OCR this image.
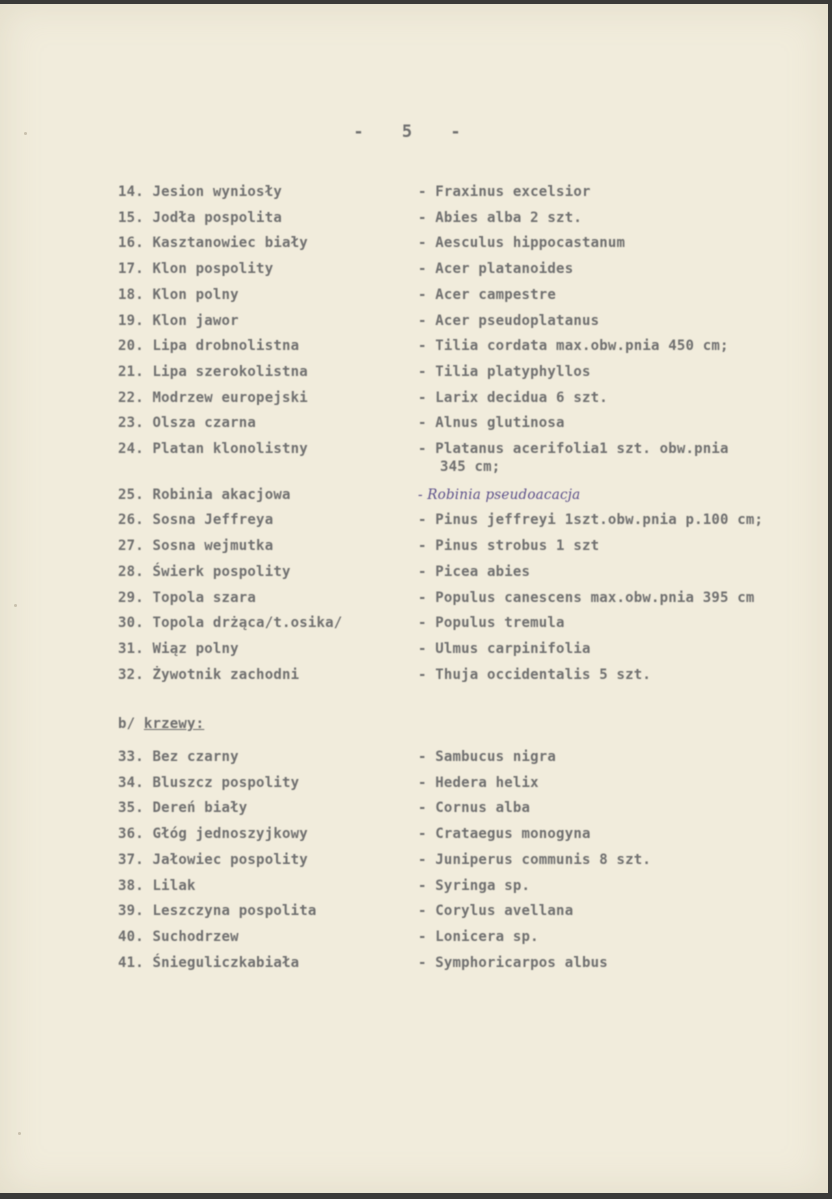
- 5 -
14. Jesion wyniosły	- Fraxinus excelsior
15. Jodła pospolita	- Abies alba 2 szt.
16. Kasztanowiec biały	- Aesculus hippocastanum
17. Klon pospolity	- Acer platanoides
18. Klon polny	- Acer campestre
19. Klon jawor	- Acer pseudoplatanus
20. Lipa drobnolistna	- Tilia cordata max.obw.pnia 450 cm;
21. Lipa szerokolistna	- Tilia platyphyllos
22. Modrzew europejski	- Larix decidua 6 szt.
23. Olsza czarna	- Alnus glutinosa
24. Platan klonolistny	- Platanus acerifolia1 szt. obw.pnia
345 cm;
25. Robinia akacjowa	- Robinia pseudoacacja
26. Sosna Jeffreya	- Pinus jeffreyi 1szt.obw.pnia p.100 cm;
27. Sosna wejmutka	- Pinus strobus 1 szt
28. Świerk pospolity	- Picea abies
29. Topola szara	- Populus canescens max.obw.pnia 395 cm
30. Topola drżąca/t.osika/	- Populus tremula
31. Wiąz polny	- Ulmus carpinifolia
32. Żywotnik zachodni	- Thuja occidentalis 5 szt.
b/ krzewy:
33. Bez czarny	- Sambucus nigra
34. Bluszcz pospolity	- Hedera helix
35. Dereń biały	- Cornus alba
36. Głóg jednoszyjkowy	- Crataegus monogyna
37. Jałowiec pospolity	- Juniperus communis 8 szt.
38. Lilak	- Syringa sp.
39. Leszczyna pospolita	- Corylus avellana
40. Suchodrzew	- Lonicera sp.
41. Śnieguliczkabiała	- Symphoricarpos albus
